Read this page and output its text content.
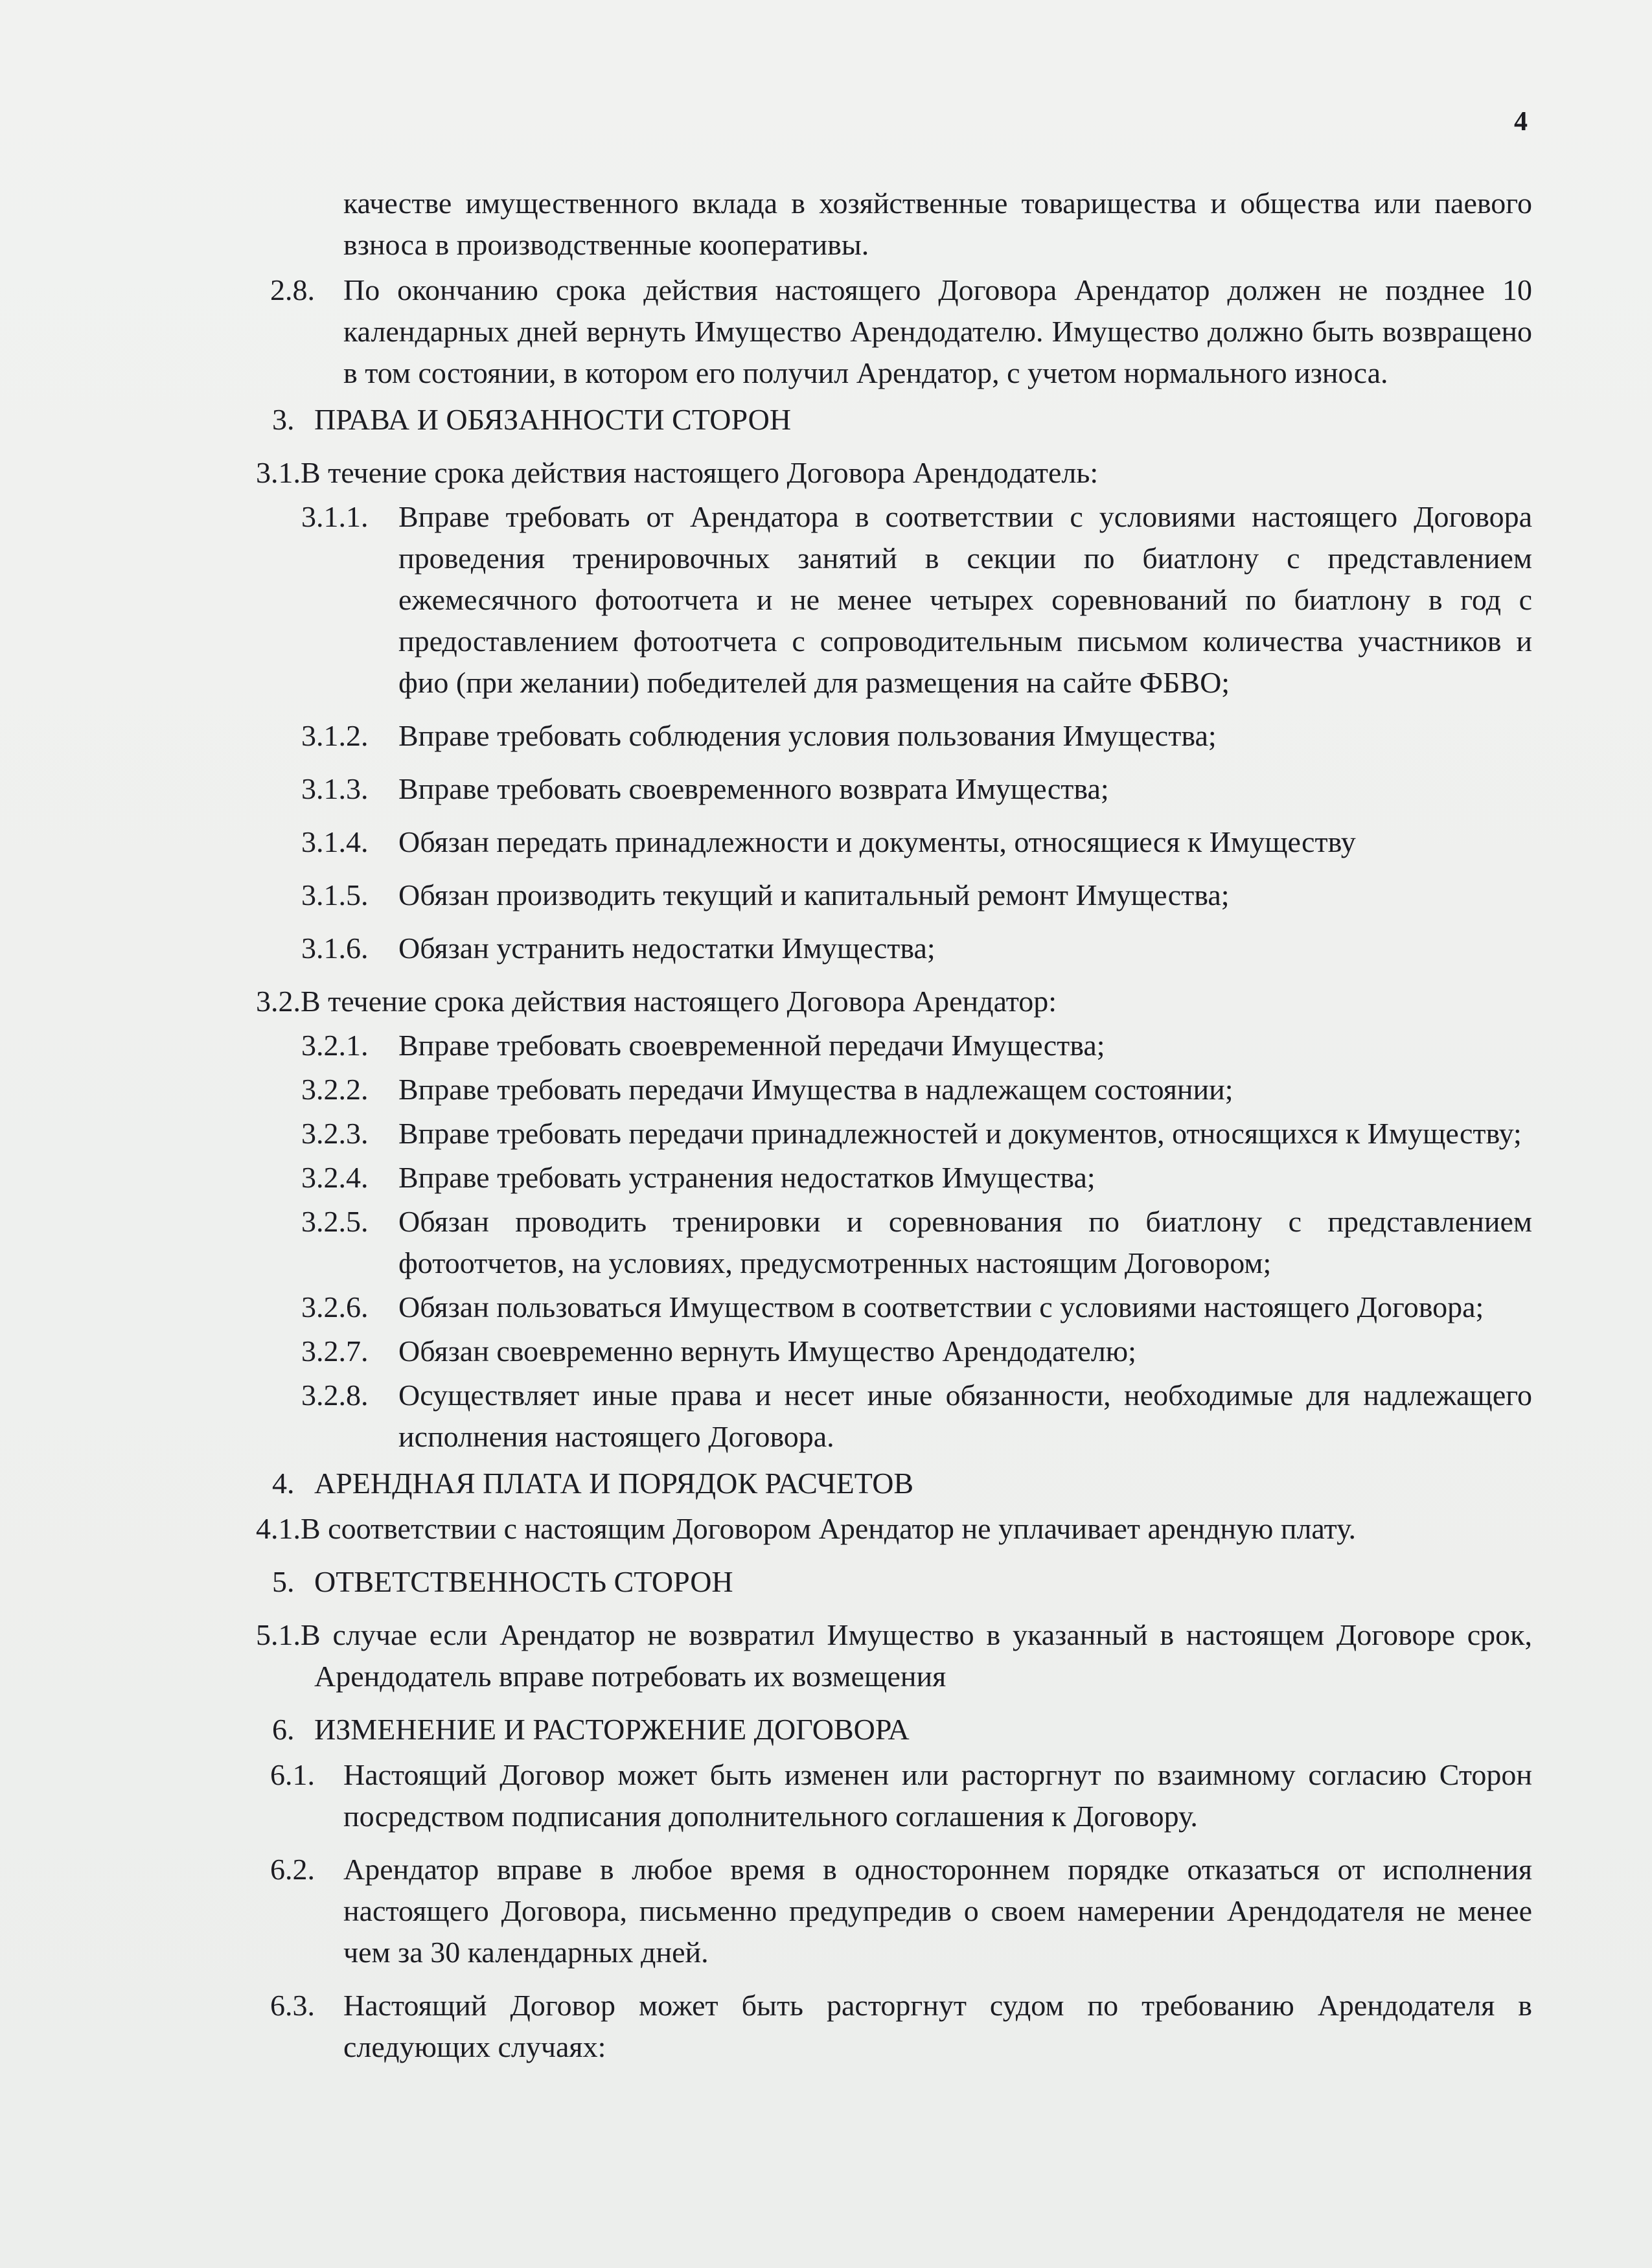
4
качестве имущественного вклада в хозяйственные товарищества и общества или паевого взноса в производственные кооперативы.
2.8. По окончанию срока действия настоящего Договора Арендатор должен не позднее 10 календарных дней вернуть Имущество Арендодателю. Имущество должно быть возвращено в том состоянии, в котором его получил Арендатор, с учетом нормального износа.
3. ПРАВА И ОБЯЗАННОСТИ СТОРОН
3.1.В течение срока действия настоящего Договора Арендодатель:
3.1.1. Вправе требовать от Арендатора в соответствии с условиями настоящего Договора проведения тренировочных занятий в секции по биатлону с представлением ежемесячного фотоотчета и не менее четырех соревнований по биатлону в год с предоставлением фотоотчета с сопроводительным письмом количества участников и фио (при желании) победителей для размещения на сайте ФБВО;
3.1.2. Вправе требовать соблюдения условия пользования Имущества;
3.1.3. Вправе требовать своевременного возврата Имущества;
3.1.4. Обязан передать принадлежности и документы, относящиеся к Имуществу
3.1.5. Обязан производить текущий и капитальный ремонт Имущества;
3.1.6. Обязан устранить недостатки Имущества;
3.2.В течение срока действия настоящего Договора Арендатор:
3.2.1. Вправе требовать своевременной передачи Имущества;
3.2.2. Вправе требовать передачи Имущества в надлежащем состоянии;
3.2.3. Вправе требовать передачи принадлежностей и документов, относящихся к Имуществу;
3.2.4. Вправе требовать устранения недостатков Имущества;
3.2.5. Обязан проводить тренировки и соревнования по биатлону с представлением фотоотчетов, на условиях, предусмотренных настоящим Договором;
3.2.6. Обязан пользоваться Имуществом в соответствии с условиями настоящего Договора;
3.2.7. Обязан своевременно вернуть Имущество Арендодателю;
3.2.8. Осуществляет иные права и несет иные обязанности, необходимые для надлежащего исполнения настоящего Договора.
4. АРЕНДНАЯ ПЛАТА И ПОРЯДОК РАСЧЕТОВ
4.1.В соответствии с настоящим Договором Арендатор не уплачивает арендную плату.
5. ОТВЕТСТВЕННОСТЬ СТОРОН
5.1.В случае если Арендатор не возвратил Имущество в указанный в настоящем Договоре срок, Арендодатель вправе потребовать их возмещения
6. ИЗМЕНЕНИЕ И РАСТОРЖЕНИЕ ДОГОВОРА
6.1. Настоящий Договор может быть изменен или расторгнут по взаимному согласию Сторон посредством подписания дополнительного соглашения к Договору.
6.2. Арендатор вправе в любое время в одностороннем порядке отказаться от исполнения настоящего Договора, письменно предупредив о своем намерении Арендодателя не менее чем за 30 календарных дней.
6.3. Настоящий Договор может быть расторгнут судом по требованию Арендодателя в следующих случаях:
